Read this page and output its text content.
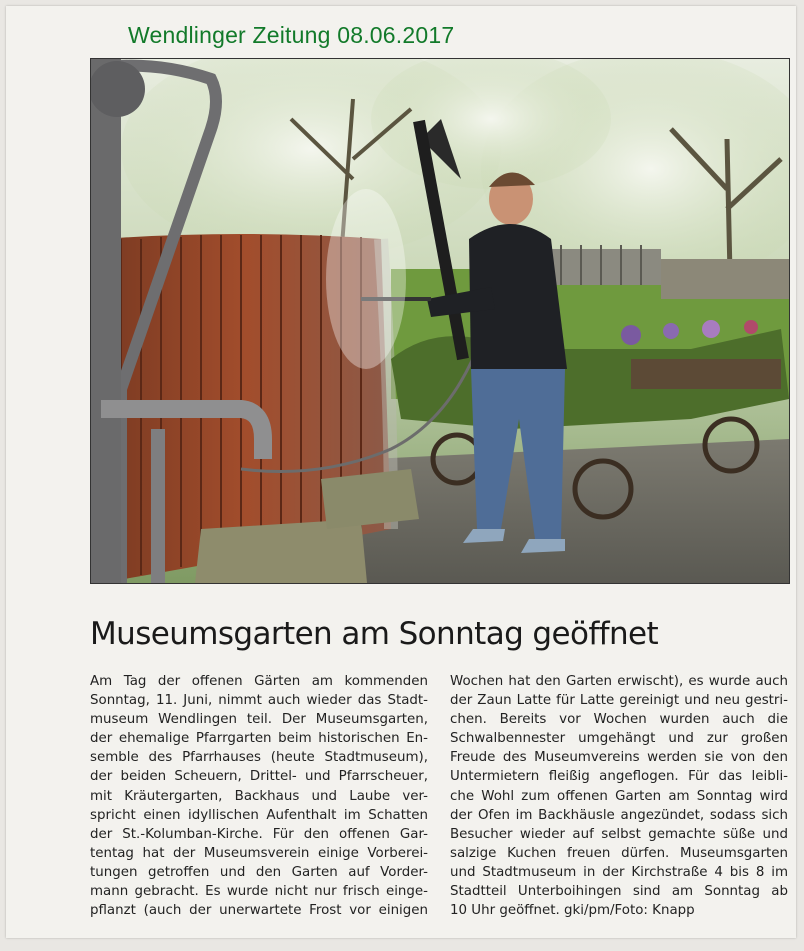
Wendlinger Zeitung 08.06.2017
Museumsgarten am Sonntag geöffnet
Am Tag der offenen Gärten am kommenden
Sonntag, 11. Juni, nimmt auch wieder das Stadt-
museum Wendlingen teil. Der Museumsgarten,
der ehemalige Pfarrgarten beim historischen En-
semble des Pfarrhauses (heute Stadtmuseum),
der beiden Scheuern, Drittel- und Pfarrscheuer,
mit Kräutergarten, Backhaus und Laube ver-
spricht einen idyllischen Aufenthalt im Schatten
der St.-Kolumban-Kirche. Für den offenen Gar-
tentag hat der Museumsverein einige Vorberei-
tungen getroffen und den Garten auf Vorder-
mann gebracht. Es wurde nicht nur frisch einge-
pflanzt (auch der unerwartete Frost vor einigen
Wochen hat den Garten erwischt), es wurde auch
der Zaun Latte für Latte gereinigt und neu gestri-
chen. Bereits vor Wochen wurden auch die
Schwalbennester umgehängt und zur großen
Freude des Museumvereins werden sie von den
Untermietern fleißig angeflogen. Für das leibli-
che Wohl zum offenen Garten am Sonntag wird
der Ofen im Backhäusle angezündet, sodass sich
Besucher wieder auf selbst gemachte süße und
salzige Kuchen freuen dürfen. Museumsgarten
und Stadtmuseum in der Kirchstraße 4 bis 8 im
Stadtteil Unterboihingen sind am Sonntag ab
10 Uhr geöffnet. gki/pm/Foto: Knapp
